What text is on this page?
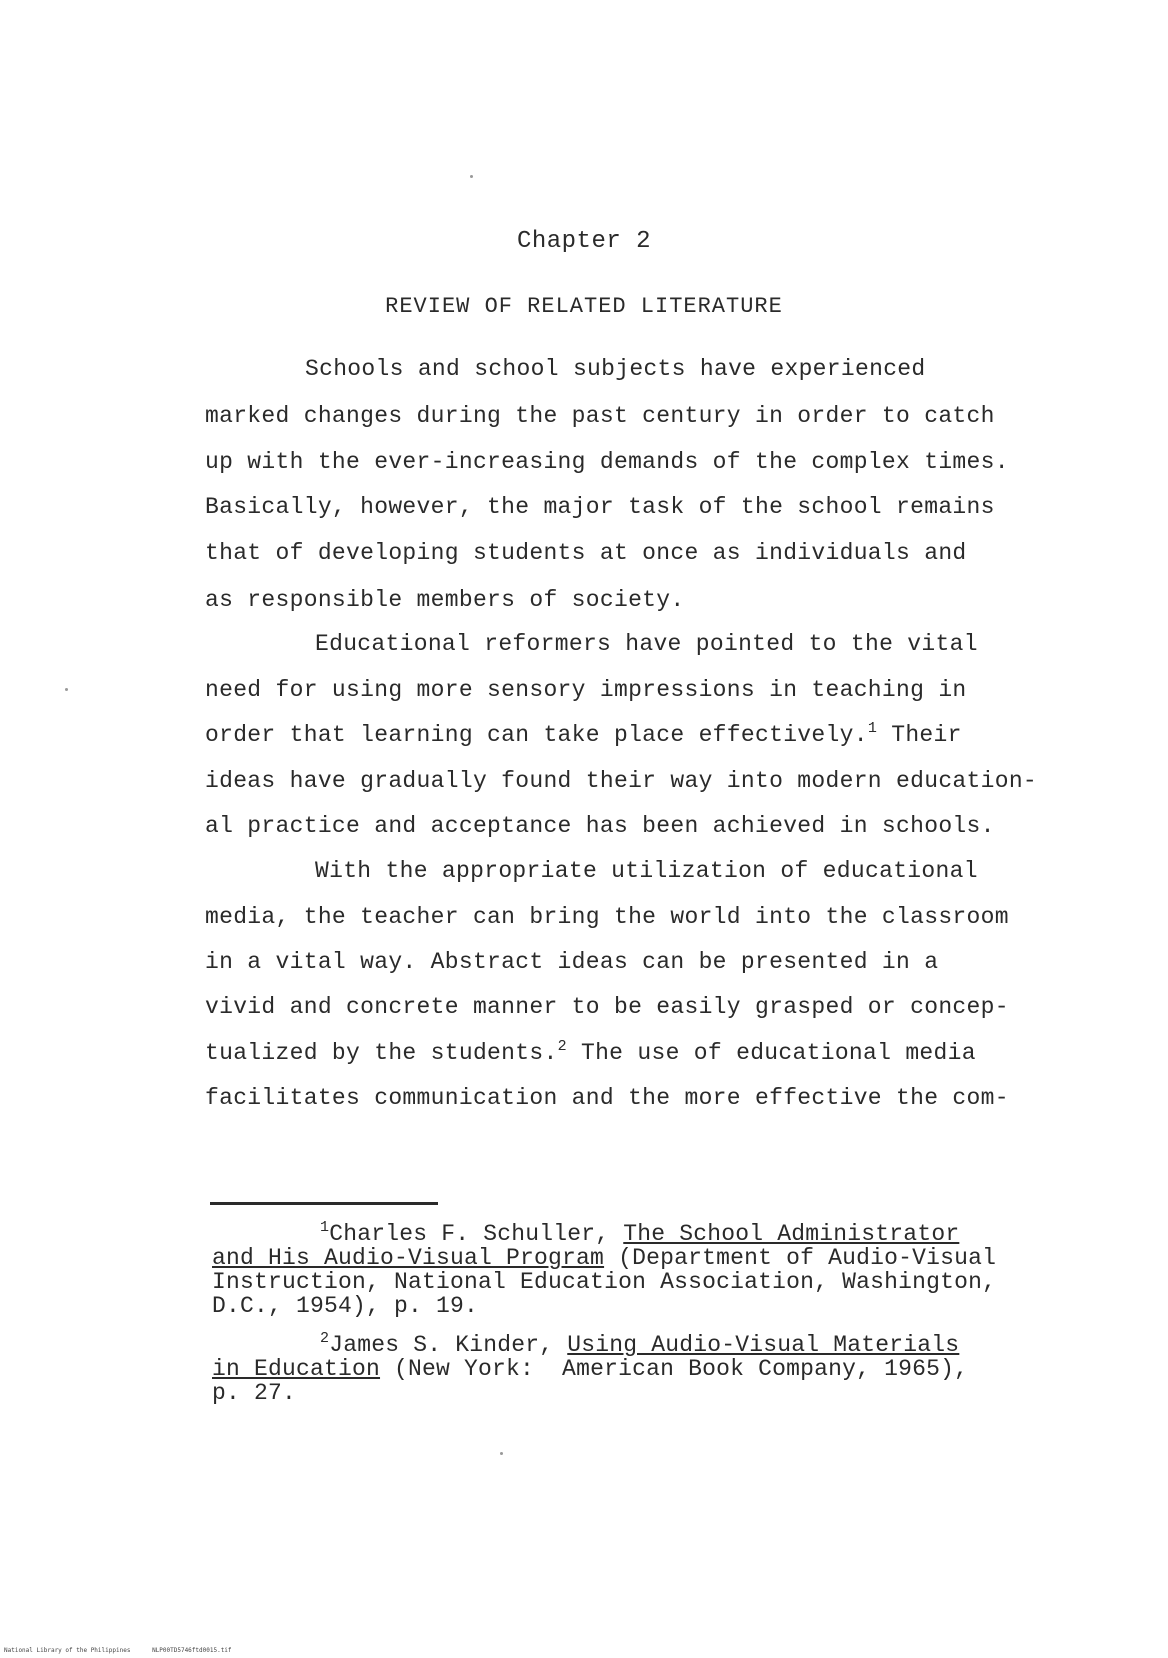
Chapter 2
REVIEW OF RELATED LITERATURE
Schools and school subjects have experienced
marked changes during the past century in order to catch
up with the ever-increasing demands of the complex times.
Basically, however, the major task of the school remains
that of developing students at once as individuals and
as responsible members of society.
Educational reformers have pointed to the vital
need for using more sensory impressions in teaching in
order that learning can take place effectively.$^1$ Their
ideas have gradually found their way into modern education-
al practice and acceptance has been achieved in schools.
With the appropriate utilization of educational
media, the teacher can bring the world into the classroom
in a vital way. Abstract ideas can be presented in a
vivid and concrete manner to be easily grasped or concep-
tualized by the students.$^2$ The use of educational media
facilitates communication and the more effective the com-
$^1$Charles F. Schuller, The School Administrator
and His Audio-Visual Program (Department of Audio-Visual
Instruction, National Education Association, Washington,
D.C., 1954), p. 19.
$^2$James S. Kinder, Using Audio-Visual Materials
in Education (New York:  American Book Company, 1965),
p. 27.
National Library of the Philippines	NLP00TD5746ftd0015.tif
